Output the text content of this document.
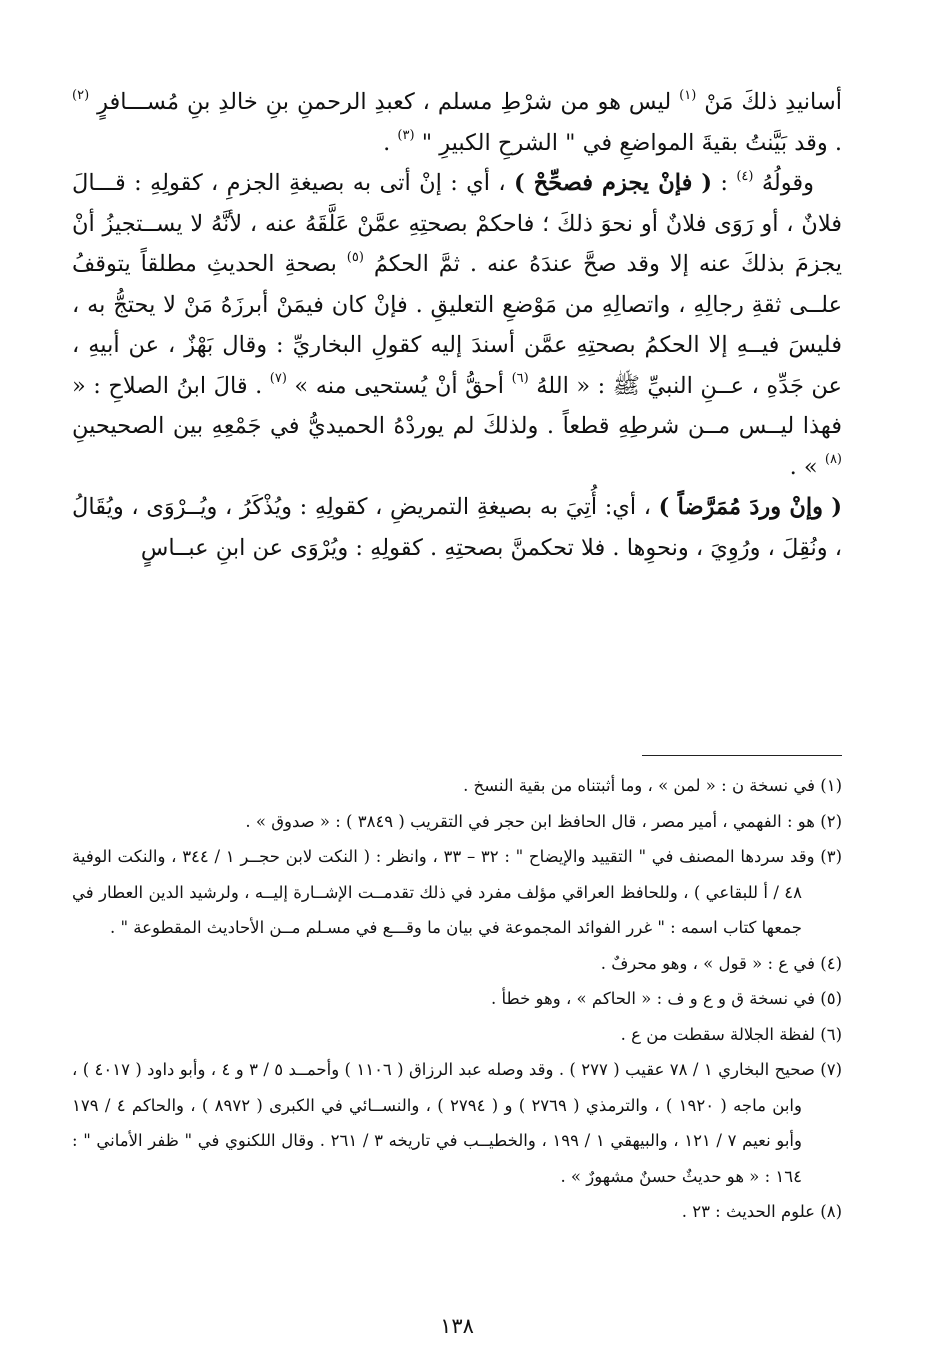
أسانيدِ ذلكَ مَنْ $^{(١)}$ ليس هو من شرْطِ مسلم ، كعبدِ الرحمنِ بنِ خالدِ بنِ مُســـافرٍ $^{(٢)}$ . وقد بَيَّنتُ بقيةَ المواضعِ في " الشرحِ الكبيرِ " $^{(٣)}$ .

وقولُهُ $^{(٤)}$ : ( فإنْ يجزم فصحِّحْ ) ، أي : إنْ أتى به بصيغةِ الجزمِ ، كقولِهِ : قـــالَ فلانٌ ، أو رَوَى فلانٌ أو نحوَ ذلكَ ؛ فاحكمْ بصحتِهِ عمَّنْ عَلَّقَهُ عنه ، لأنَّهُ لا يســتجيزُ أنْ يجزمَ بذلكَ عنه إلا وقد صحَّ عندَهُ عنه . ثمَّ الحكمُ $^{(٥)}$ بصحةِ الحديثِ مطلقاً يتوقفُ علــى ثقةِ رجالِهِ ، واتصالِهِ من مَوْضعِ التعليقِ . فإنْ كان فيمَنْ أبرزَهُ مَنْ لا يحتجُّ به ، فليسَ فيــهِ إلا الحكمُ بصحتِهِ عمَّن أسندَ إليه كقولِ البخاريِّ : وقال بَهْزٌ ، عن أبيهِ ، عن جَدِّهِ ، عــنِ النبيِّ ﷺ : « اللهُ $^{(٦)}$ أحقُّ أنْ يُستحيى منه » $^{(٧)}$ . قالَ ابنُ الصلاحِ : « فهذا ليــس مــن شرطِهِ قطعاً . ولذلكَ لم يوردْهُ الحميديُّ في جَمْعِهِ بين الصحيحينِ $^{(٨)}$ » .

( وإنْ وردَ مُمَرَّضاً ) ، أي: أُتِيَ به بصيغةِ التمريضِ ، كقولِهِ : ويُذْكَرُ ، ويُــرْوَى ، ويُقَالُ ، ونُقِلَ ، ورُوِيَ ، ونحوِها . فلا تحكمنَّ بصحتِهِ . كقولِهِ : ويُرْوَى عن ابنِ عبــاسٍ

(١) في نسخة ن : « لمن » ، وما أثبتناه من بقية النسخ .

(٢) هو : الفهمي ، أمير مصر ، قال الحافظ ابن حجر في التقريب ( ٣٨٤٩ ) : « صدوق » .

(٣) وقد سردها المصنف في " التقييد والإيضاح " : ٣٢ – ٣٣ ، وانظر : ( النكت لابن حجــر ١ / ٣٤٤ ، والنكت الوفية ٤٨ / أ للبقاعي ) ، وللحافظ العراقي مؤلف مفرد في ذلك تقدمــت الإشــارة إليــه ، ولرشيد الدين العطار في جمعها كتاب اسمه : " غرر الفوائد المجموعة في بيان ما وقـــع في مسـلم مــن الأحاديث المقطوعة " .

(٤) في ع : « قول » ، وهو محرفٌ .

(٥) في نسخة ق و ع و ف : « الحاكم » ، وهو خطأ .

(٦) لفظة الجلالة سقطت من ع .

(٧) صحيح البخاري ١ / ٧٨ عقيب ( ٢٧٧ ) . وقد وصله عبد الرزاق ( ١١٠٦ ) وأحمــد ٥ / ٣ و ٤ ، وأبو داود ( ٤٠١٧ ) ، وابن ماجه ( ١٩٢٠ ) ، والترمذي ( ٢٧٦٩ ) و ( ٢٧٩٤ ) ، والنســائي في الكبرى ( ٨٩٧٢ ) ، والحاكم ٤ / ١٧٩ وأبو نعيم ٧ / ١٢١ ، والبيهقي ١ / ١٩٩ ، والخطيــب في تاريخه ٣ / ٢٦١ . وقال اللكنوي في " ظفر الأماني " : ١٦٤ : « هو حديثٌ حسنٌ مشهورٌ » .

(٨) علوم الحديث : ٢٣ .

١٣٨
